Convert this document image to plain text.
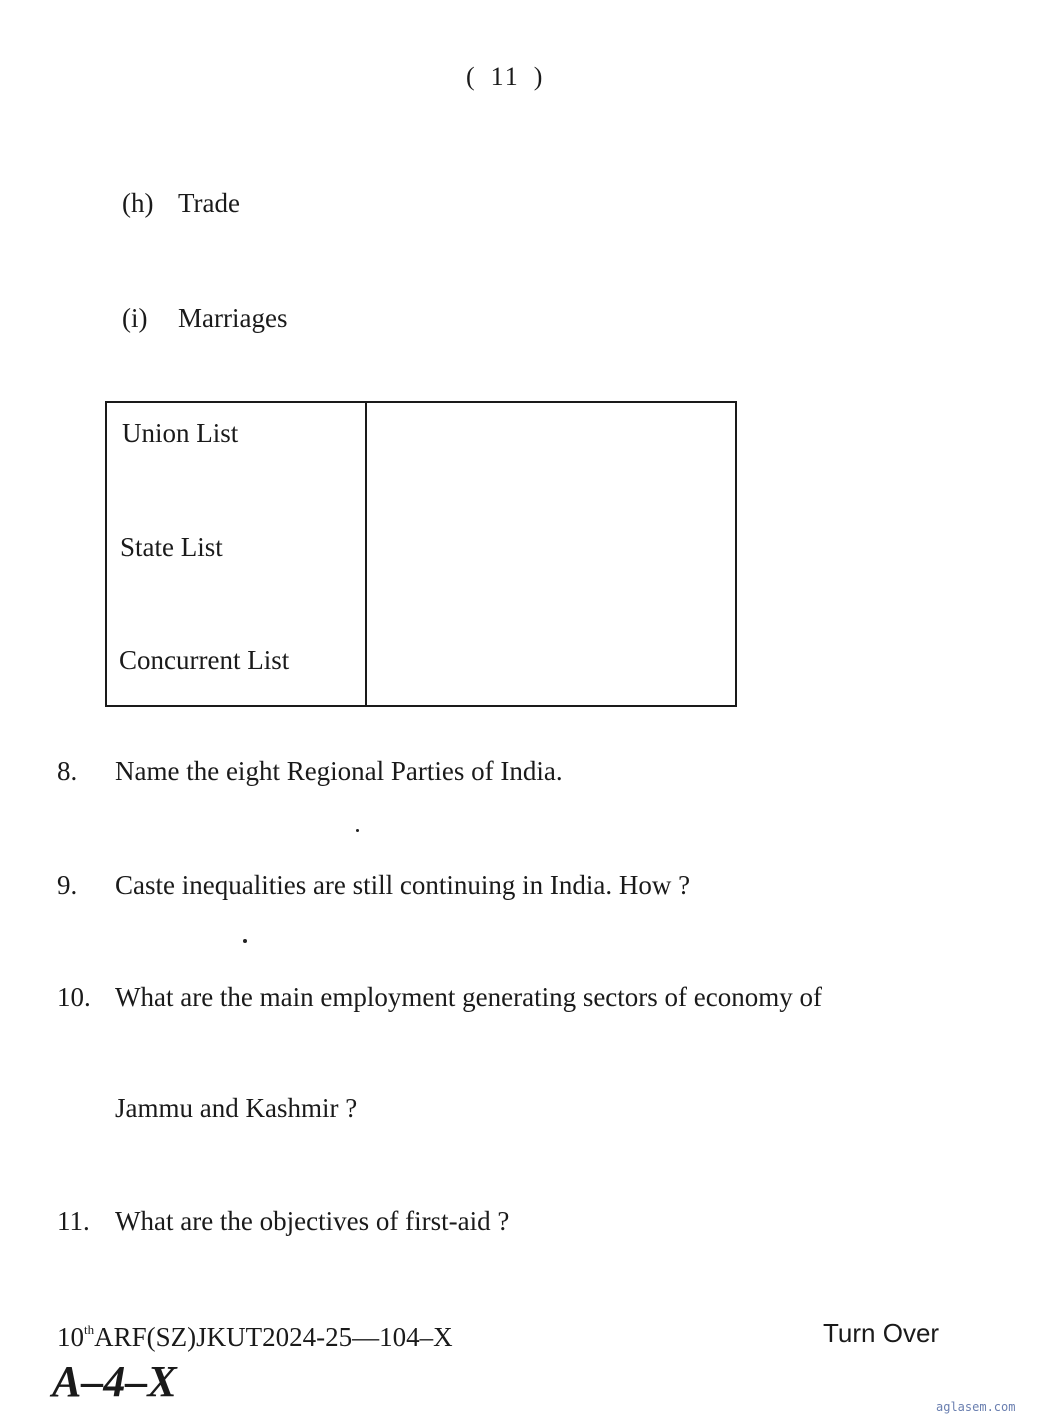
( 11 )
(h) Trade
(i) Marriages
Union List
State List
Concurrent List
8. Name the eight Regional Parties of India.
9. Caste inequalities are still continuing in India. How ?
10. What are the main employment generating sectors of economy of
Jammu and Kashmir ?
11. What are the objectives of first-aid ?
10thARF(SZ)JKUT2024-25—104–X
A–4–X
Turn Over
aglasem.com
